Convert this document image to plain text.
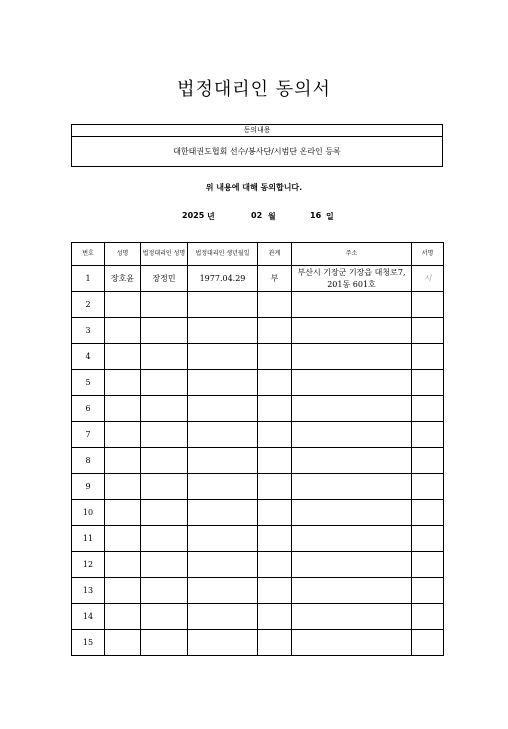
법정대리인 동의서
동의내용
대한태권도협회 선수/봉사단/시범단 온라인 등록
위 내용에 대해 동의합니다.
2025 년	02 월	16 일
번호	성명	법정대리인 성명	법정대리인 생년월일	관계	주소	서명
1	장호윤	장정민	1977.04.29	부	부산시 기장군 기장읍 대청로7, 201동 601호	시
2						
3						
4						
5						
6						
7						
8						
9						
10						
11						
12						
13						
14						
15						
